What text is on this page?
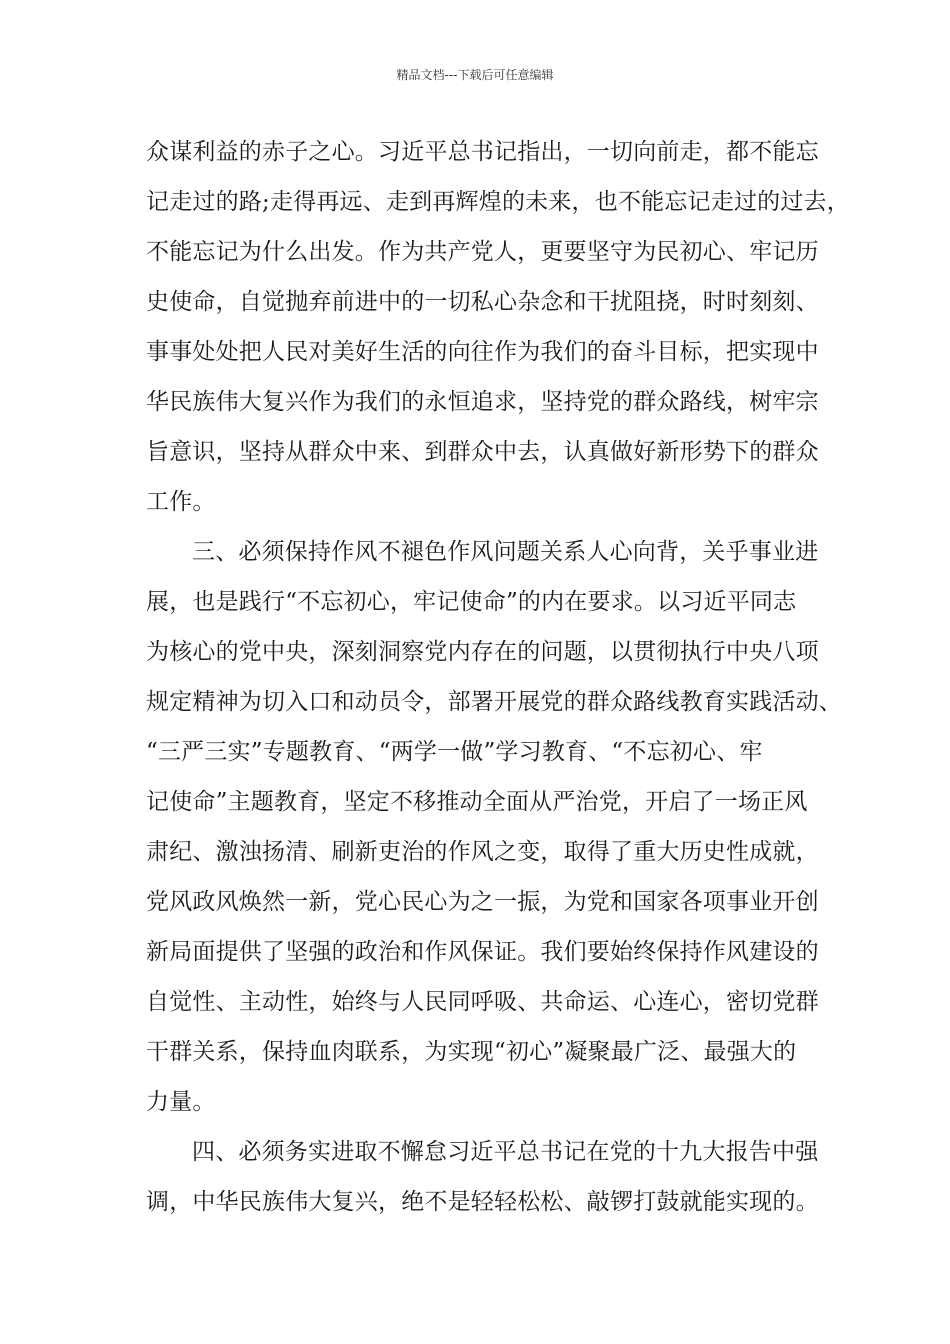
精品文档---下载后可任意编辑
众谋利益的赤子之心。习近平总书记指出，一切向前走，都不能忘
记走过的路;走得再远、走到再辉煌的未来，也不能忘记走过的过去，
不能忘记为什么出发。作为共产党人，更要坚守为民初心、牢记历
史使命，自觉抛弃前进中的一切私心杂念和干扰阻挠，时时刻刻、
事事处处把人民对美好生活的向往作为我们的奋斗目标，把实现中
华民族伟大复兴作为我们的永恒追求，坚持党的群众路线，树牢宗
旨意识，坚持从群众中来、到群众中去，认真做好新形势下的群众
工作。
三、必须保持作风不褪色作风问题关系人心向背，关乎事业进
展，也是践行“不忘初心，牢记使命”的内在要求。以习近平同志
为核心的党中央，深刻洞察党内存在的问题，以贯彻执行中央八项
规定精神为切入口和动员令，部署开展党的群众路线教育实践活动、
“三严三实”专题教育、“两学一做”学习教育、“不忘初心、牢
记使命”主题教育，坚定不移推动全面从严治党，开启了一场正风
肃纪、激浊扬清、刷新吏治的作风之变，取得了重大历史性成就，
党风政风焕然一新，党心民心为之一振，为党和国家各项事业开创
新局面提供了坚强的政治和作风保证。我们要始终保持作风建设的
自觉性、主动性，始终与人民同呼吸、共命运、心连心，密切党群
干群关系，保持血肉联系，为实现“初心”凝聚最广泛、最强大的
力量。
四、必须务实进取不懈怠习近平总书记在党的十九大报告中强
调，中华民族伟大复兴，绝不是轻轻松松、敲锣打鼓就能实现的。
